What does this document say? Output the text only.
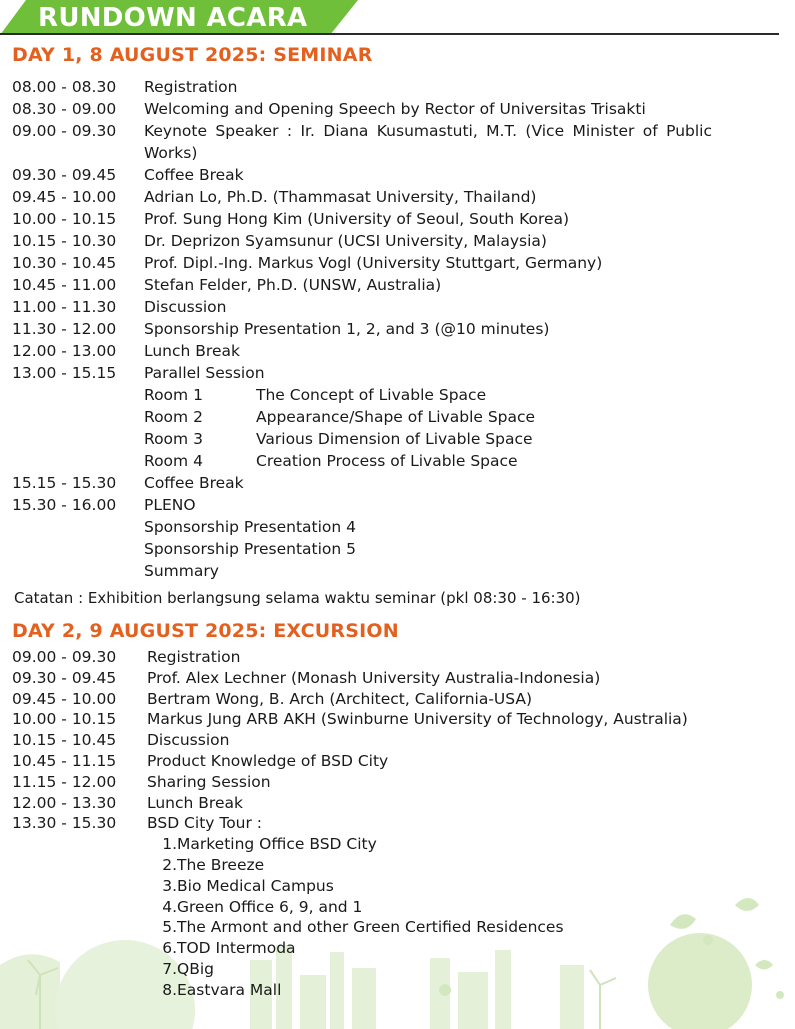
RUNDOWN ACARA
DAY 1, 8 AUGUST 2025: SEMINAR
08.00 - 08.30	Registration
08.30 - 09.00	Welcoming and Opening Speech by Rector of Universitas Trisakti
09.00 - 09.30	Keynote Speaker : Ir. Diana Kusumastuti, M.T. (Vice Minister of Public Works)
09.30 - 09.45	Coffee Break
09.45 - 10.00	Adrian Lo, Ph.D. (Thammasat University, Thailand)
10.00 - 10.15	Prof. Sung Hong Kim (University of Seoul, South Korea)
10.15 - 10.30	Dr. Deprizon Syamsunur (UCSI University, Malaysia)
10.30 - 10.45	Prof. Dipl.-Ing. Markus Vogl (University Stuttgart, Germany)
10.45 - 11.00	Stefan Felder, Ph.D. (UNSW, Australia)
11.00 - 11.30	Discussion
11.30 - 12.00	Sponsorship Presentation 1, 2, and 3 (@10 minutes)
12.00 - 13.00	Lunch Break
13.00 - 15.15	Parallel Session
Room 1	The Concept of Livable Space
Room 2	Appearance/Shape of Livable Space
Room 3	Various Dimension of Livable Space
Room 4	Creation Process of Livable Space
15.15 - 15.30	Coffee Break
15.30 - 16.00	PLENO
Sponsorship Presentation 4
Sponsorship Presentation 5
Summary
Catatan : Exhibition berlangsung selama waktu seminar (pkl 08:30 - 16:30)
DAY 2, 9 AUGUST 2025: EXCURSION
09.00 - 09.30	Registration
09.30 - 09.45	Prof. Alex Lechner (Monash University Australia-Indonesia)
09.45 - 10.00	Bertram Wong, B. Arch (Architect, California-USA)
10.00 - 10.15	Markus Jung ARB AKH (Swinburne University of Technology, Australia)
10.15 - 10.45	Discussion
10.45 - 11.15	Product Knowledge of BSD City
11.15 - 12.00	Sharing Session
12.00 - 13.30	Lunch Break
13.30 - 15.30	BSD City Tour :
1. Marketing Office BSD City
2. The Breeze
3. Bio Medical Campus
4. Green Office 6, 9, and 1
5. The Armont and other Green Certified Residences
6. TOD Intermoda
7. QBig
8. Eastvara Mall
